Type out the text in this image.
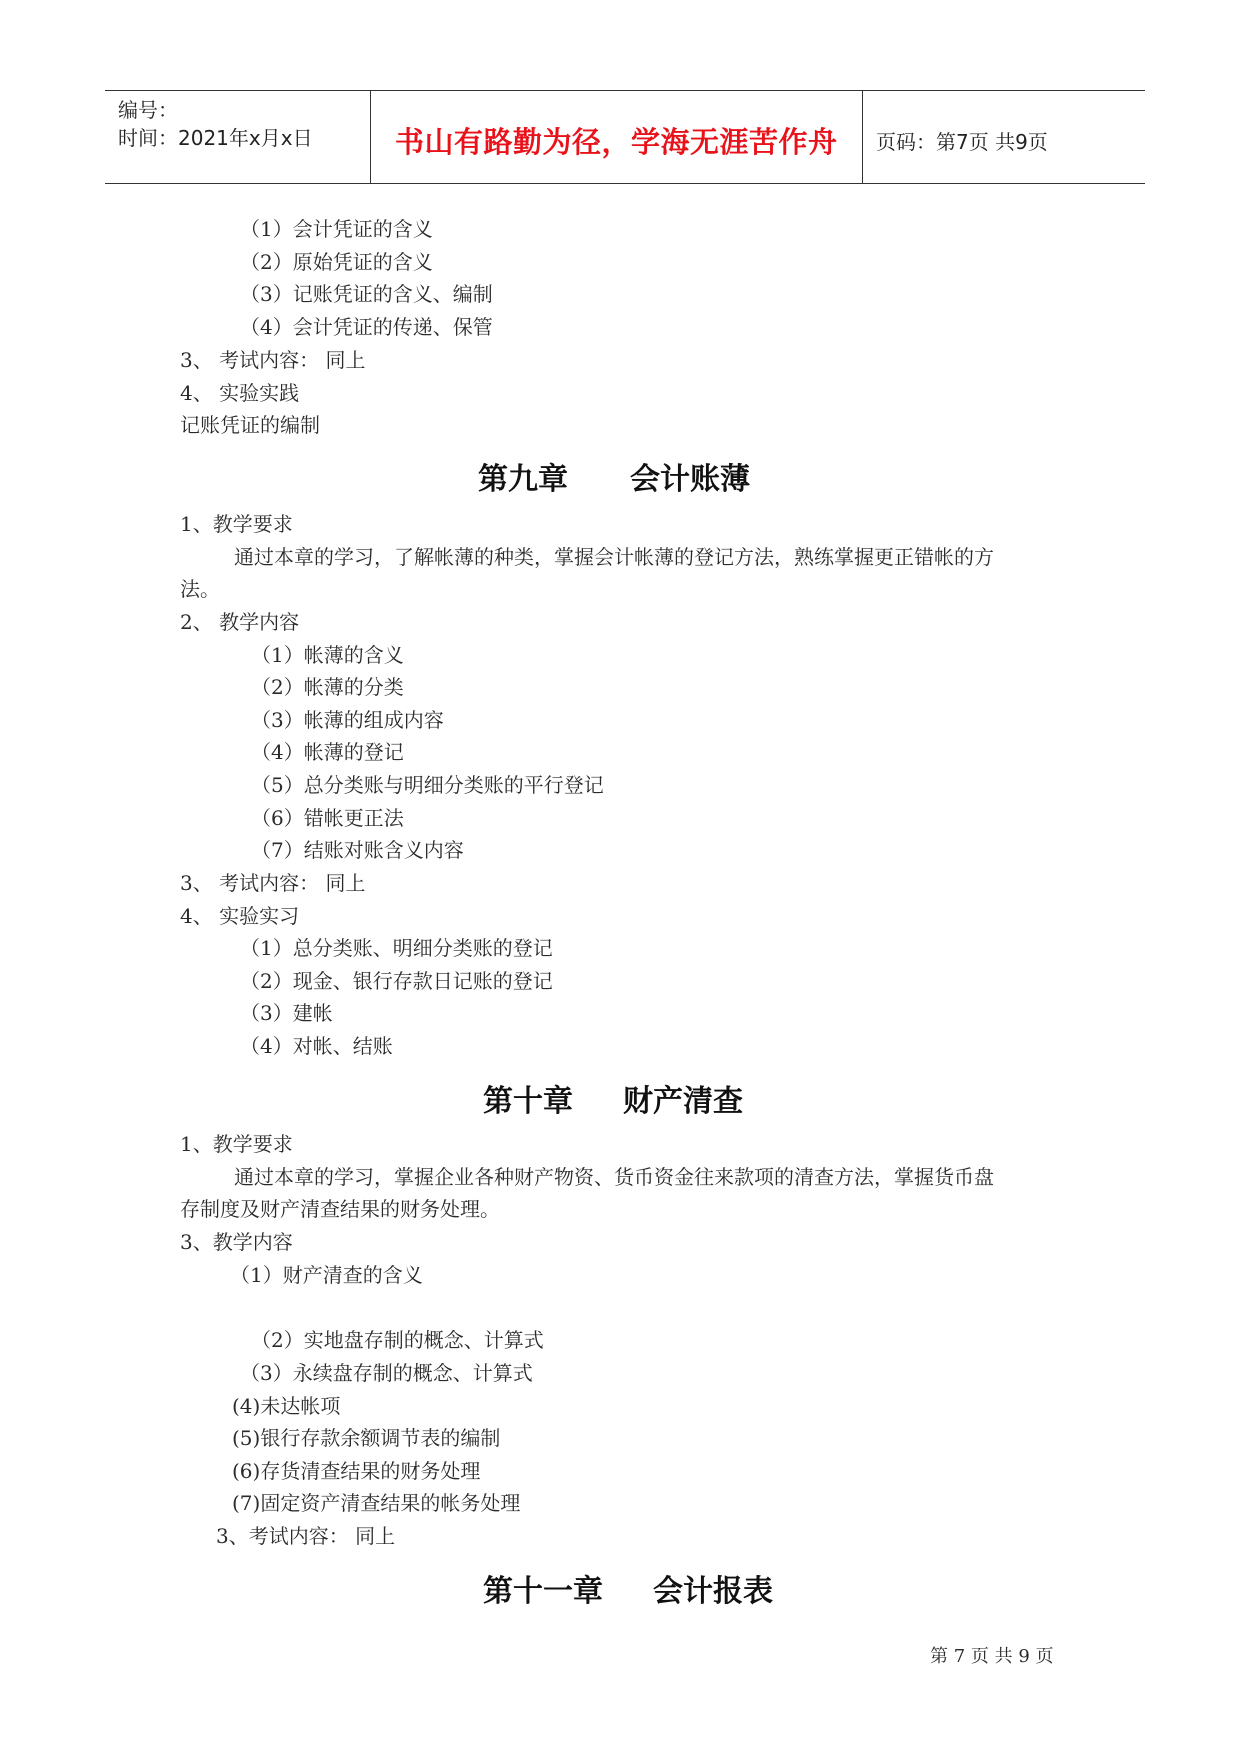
编号：
时间：2021年x月x日	书山有路勤为径，学海无涯苦作舟 页码：第7页 共9页
（1）会计凭证的含义
（2）原始凭证的含义
（3）记账凭证的含义、编制
（4）会计凭证的传递、保管
3、 考试内容： 同上
4、 实验实践
记账凭证的编制
第九章 会计账薄
1、教学要求
通过本章的学习，了解帐薄的种类，掌握会计帐薄的登记方法，熟练掌握更正错帐的方
法。
2、 教学内容
（1）帐薄的含义
（2）帐薄的分类
（3）帐薄的组成内容
（4）帐薄的登记
（5）总分类账与明细分类账的平行登记
（6）错帐更正法
（7）结账对账含义内容
3、 考试内容： 同上
4、 实验实习
（1）总分类账、明细分类账的登记
（2）现金、银行存款日记账的登记
（3）建帐
（4）对帐、结账
第十章 财产清查
1、教学要求
通过本章的学习，掌握企业各种财产物资、货币资金往来款项的清查方法，掌握货币盘
存制度及财产清查结果的财务处理。
3、教学内容
（1）财产清查的含义
（2）实地盘存制的概念、计算式
（3）永续盘存制的概念、计算式
(4)未达帐项
(5)银行存款余额调节表的编制
(6)存货清查结果的财务处理
(7)固定资产清查结果的帐务处理
3、考试内容： 同上
第十一章 会计报表
第 7 页 共 9 页
